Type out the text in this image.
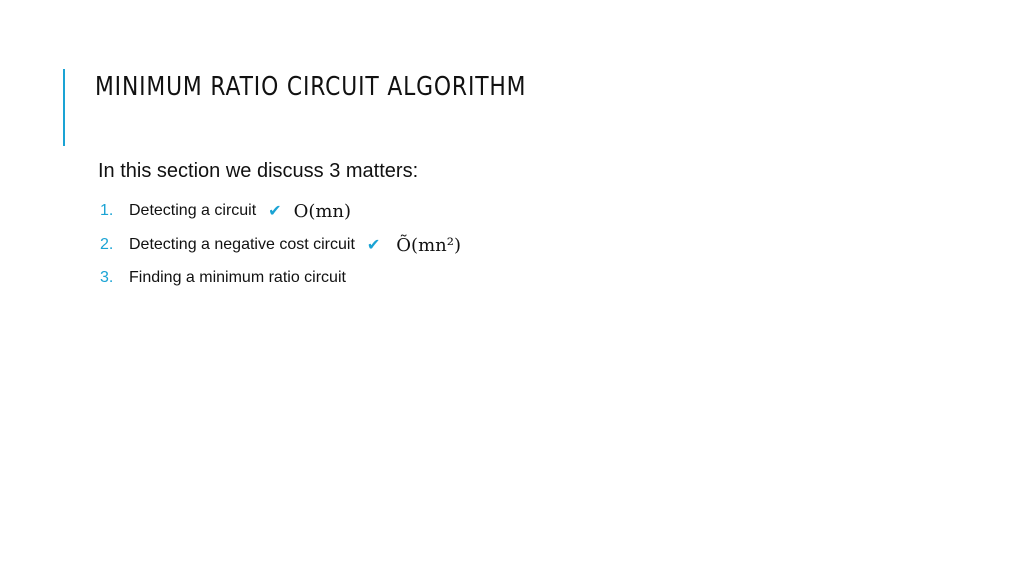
MINIMUM RATIO CIRCUIT ALGORITHM

In this section we discuss 3 matters:

1. Detecting a circuit ✔ O(mn)
2. Detecting a negative cost circuit ✔ Õ(mn²)
3. Finding a minimum ratio circuit
